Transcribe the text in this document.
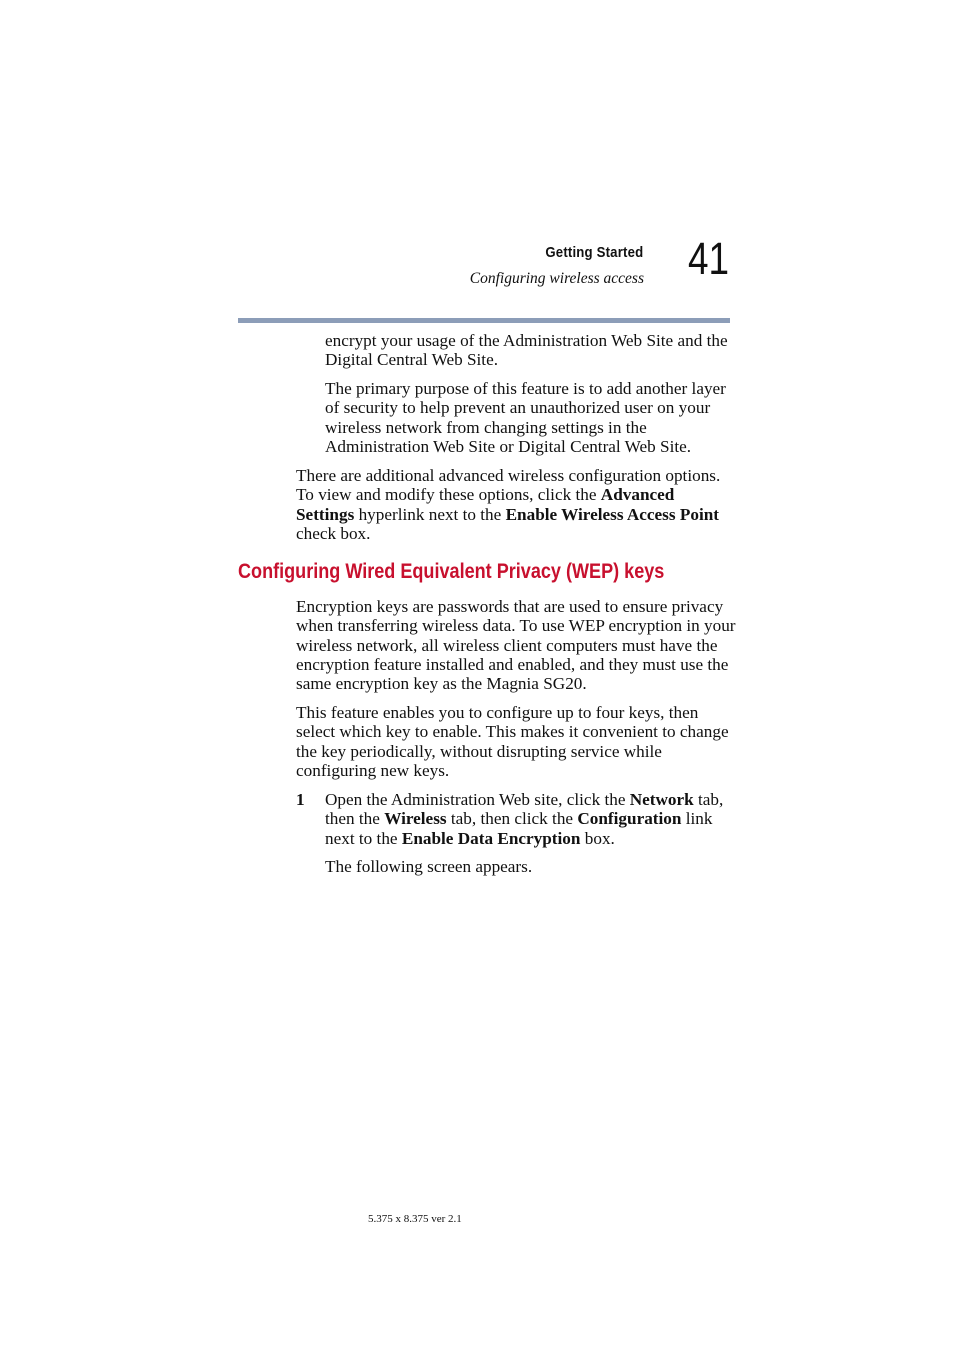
Getting Started
Configuring wireless access 41

encrypt your usage of the Administration Web Site and the Digital Central Web Site.

The primary purpose of this feature is to add another layer of security to help prevent an unauthorized user on your wireless network from changing settings in the Administration Web Site or Digital Central Web Site.

There are additional advanced wireless configuration options. To view and modify these options, click the Advanced Settings hyperlink next to the Enable Wireless Access Point check box.

Configuring Wired Equivalent Privacy (WEP) keys

Encryption keys are passwords that are used to ensure privacy when transferring wireless data. To use WEP encryption in your wireless network, all wireless client computers must have the encryption feature installed and enabled, and they must use the same encryption key as the Magnia SG20.

This feature enables you to configure up to four keys, then select which key to enable. This makes it convenient to change the key periodically, without disrupting service while configuring new keys.

1 Open the Administration Web site, click the Network tab, then the Wireless tab, then click the Configuration link next to the Enable Data Encryption box.

The following screen appears.

5.375 x 8.375 ver 2.1
